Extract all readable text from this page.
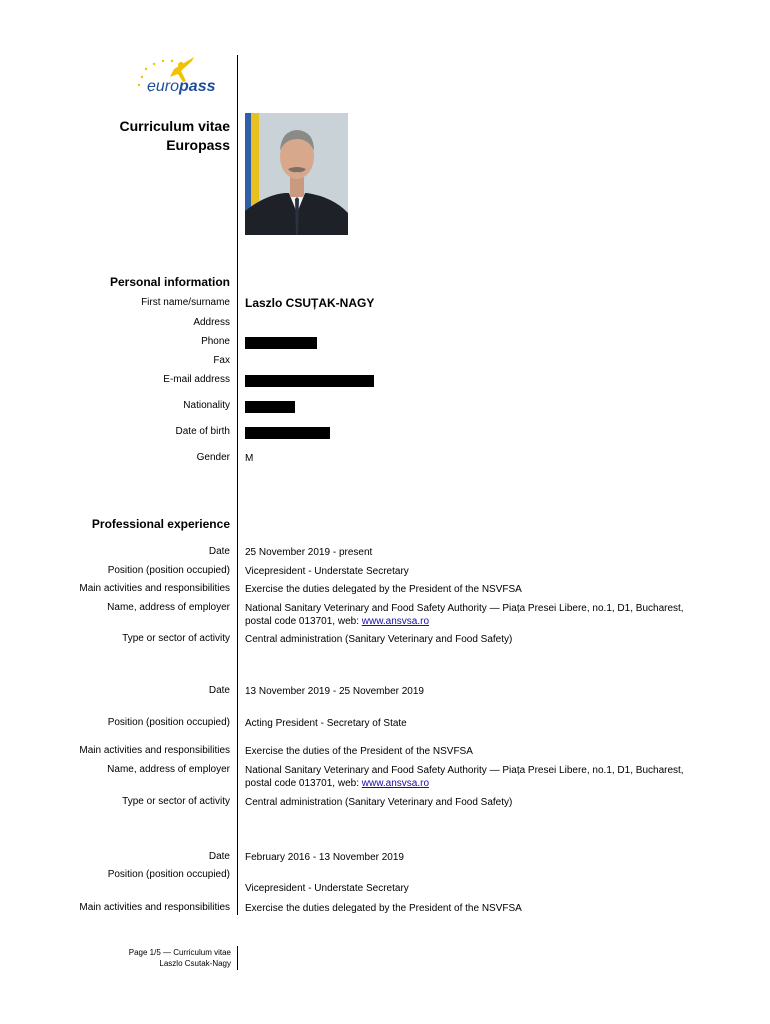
europass
Curriculum vitae
Europass
Personal information
First name/surname Laszlo CSUȚAK-NAGY
Address
Phone
Fax
E-mail address
Nationality
Date of birth
Gender M
Professional experience
Date 25 November 2019 - present
Position (position occupied) Vicepresident - Understate Secretary
Main activities and responsibilities Exercise the duties delegated by the President of the NSVFSA
Name, address of employer National Sanitary Veterinary and Food Safety Authority — Piața Presei Libere, no.1, D1, Bucharest,
postal code 013701, web: www.ansvsa.ro
Type or sector of activity Central administration (Sanitary Veterinary and Food Safety)
Date 13 November 2019 - 25 November 2019
Position (position occupied) Acting President - Secretary of State
Main activities and responsibilities Exercise the duties of the President of the NSVFSA
Name, address of employer National Sanitary Veterinary and Food Safety Authority — Piața Presei Libere, no.1, D1, Bucharest,
postal code 013701, web: www.ansvsa.ro
Type or sector of activity Central administration (Sanitary Veterinary and Food Safety)
Date February 2016 - 13 November 2019
Position (position occupied)
Vicepresident - Understate Secretary
Main activities and responsibilities Exercise the duties delegated by the President of the NSVFSA
Page 1/5 — Curriculum vitae
Laszlo Csutak-Nagy
